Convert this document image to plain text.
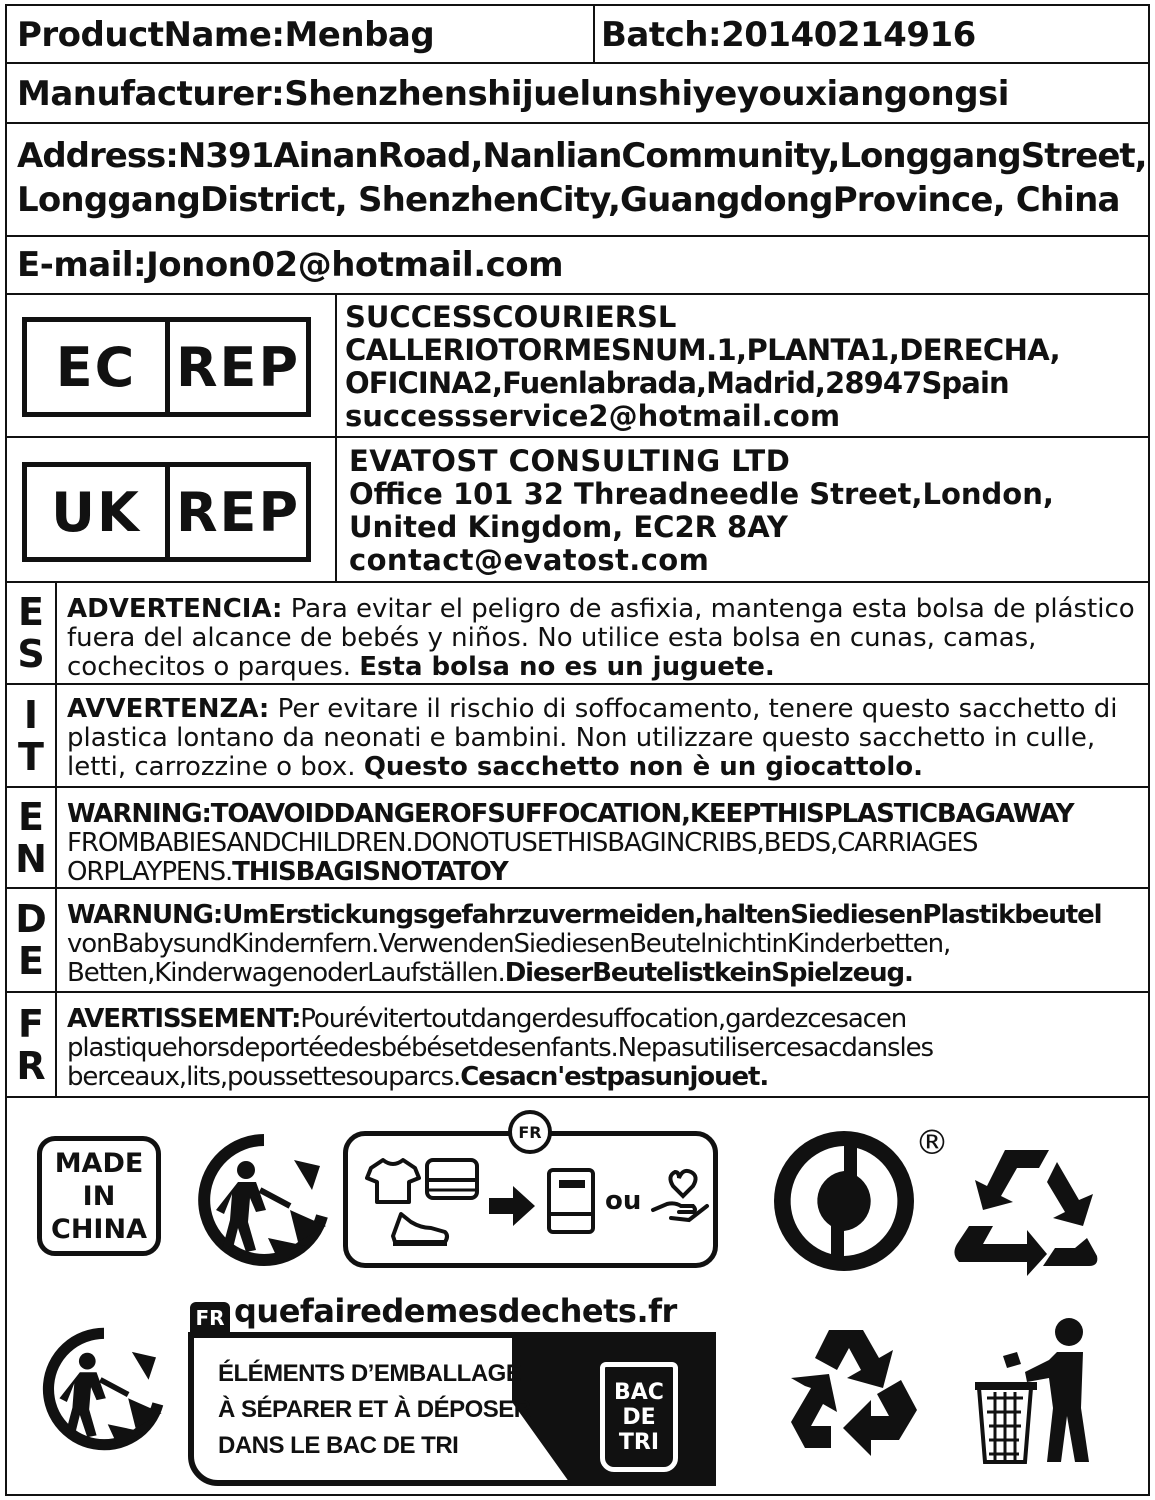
ProductName:Menbag	Batch:20140214916
Manufacturer:Shenzhenshijuelunshiyeyouxiangongsi
Address:N391AinanRoad,NanlianCommunity,LonggangStreet,
LonggangDistrict, ShenzhenCity,GuangdongProvince, China
E-mail:Jonon02@hotmail.com
EC REP
SUCCESSCOURIERSL
CALLERIOTORMESNUM.1,PLANTA1,DERECHA,
OFICINA2,Fuenlabrada,Madrid,28947Spain
successservice2@hotmail.com
UK REP
EVATOST CONSULTING LTD
Office 101 32 Threadneedle Street,London,
United Kingdom, EC2R 8AY
contact@evatost.com
E
S
ADVERTENCIA: Para evitar el peligro de asfixia, mantenga esta bolsa de plástico
fuera del alcance de bebés y niños. No utilice esta bolsa en cunas, camas,
cochecitos o parques. Esta bolsa no es un juguete.
I
T
AVVERTENZA: Per evitare il rischio di soffocamento, tenere questo sacchetto di
plastica lontano da neonati e bambini. Non utilizzare questo sacchetto in culle,
letti, carrozzine o box. Questo sacchetto non è un giocattolo.
E
N
WARNING:TOAVOIDDANGEROFSUFFOCATION,KEEPTHISPLASTICBAGAWAY
FROMBABIESANDCHILDREN.DONOTUSETHISBAGINCRIBS,BEDS,CARRIAGES
ORPLAYPENS.THISBAGISNOTATOY
D
E
WARNUNG:UmErstickungsgefahrzuvermeiden,haltenSiediesenPlastikbeutel
vonBabysundKindernfern.VerwendenSiediesenBeutelnichtinKinderbetten,
Betten,KinderwagenoderLaufställen.DieserBeutelistkeinSpielzeug.
F
R
AVERTISSEMENT:Pourévitertoutdangerdesuffocation,gardezcesacen
plastiquehorsdeportéedesbébésetdesenfants.Nepasutilisercesacdansles
berceaux,lits,poussettesouparcs.Cesacn'estpasunjouet.
MADE
IN
CHINA
FR
ou
®
FR quefairedemesdechets.fr
ÉLÉMENTS D’EMBALLAGE
À SÉPARER ET À DÉPOSER
DANS LE BAC DE TRI
BAC
DE
TRI
